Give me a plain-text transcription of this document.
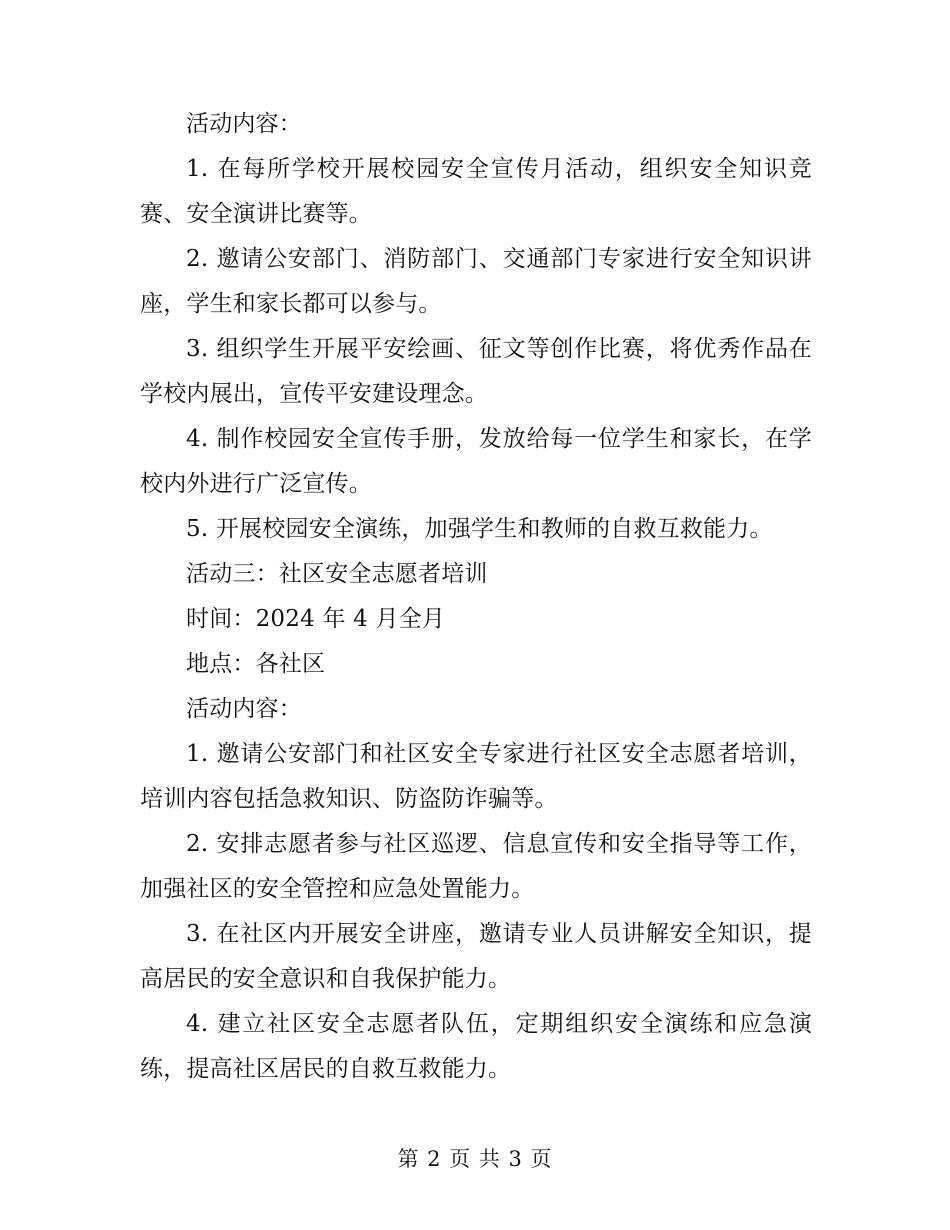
活动内容：

1. 在每所学校开展校园安全宣传月活动，组织安全知识竞赛、安全演讲比赛等。

2. 邀请公安部门、消防部门、交通部门专家进行安全知识讲座，学生和家长都可以参与。

3. 组织学生开展平安绘画、征文等创作比赛，将优秀作品在学校内展出，宣传平安建设理念。

4. 制作校园安全宣传手册，发放给每一位学生和家长，在学校内外进行广泛宣传。

5. 开展校园安全演练，加强学生和教师的自救互救能力。

活动三：社区安全志愿者培训

时间：2024 年 4 月全月

地点：各社区

活动内容：

1. 邀请公安部门和社区安全专家进行社区安全志愿者培训，培训内容包括急救知识、防盗防诈骗等。

2. 安排志愿者参与社区巡逻、信息宣传和安全指导等工作，加强社区的安全管控和应急处置能力。

3. 在社区内开展安全讲座，邀请专业人员讲解安全知识，提高居民的安全意识和自我保护能力。

4. 建立社区安全志愿者队伍，定期组织安全演练和应急演练，提高社区居民的自救互救能力。

第 2 页 共 3 页
